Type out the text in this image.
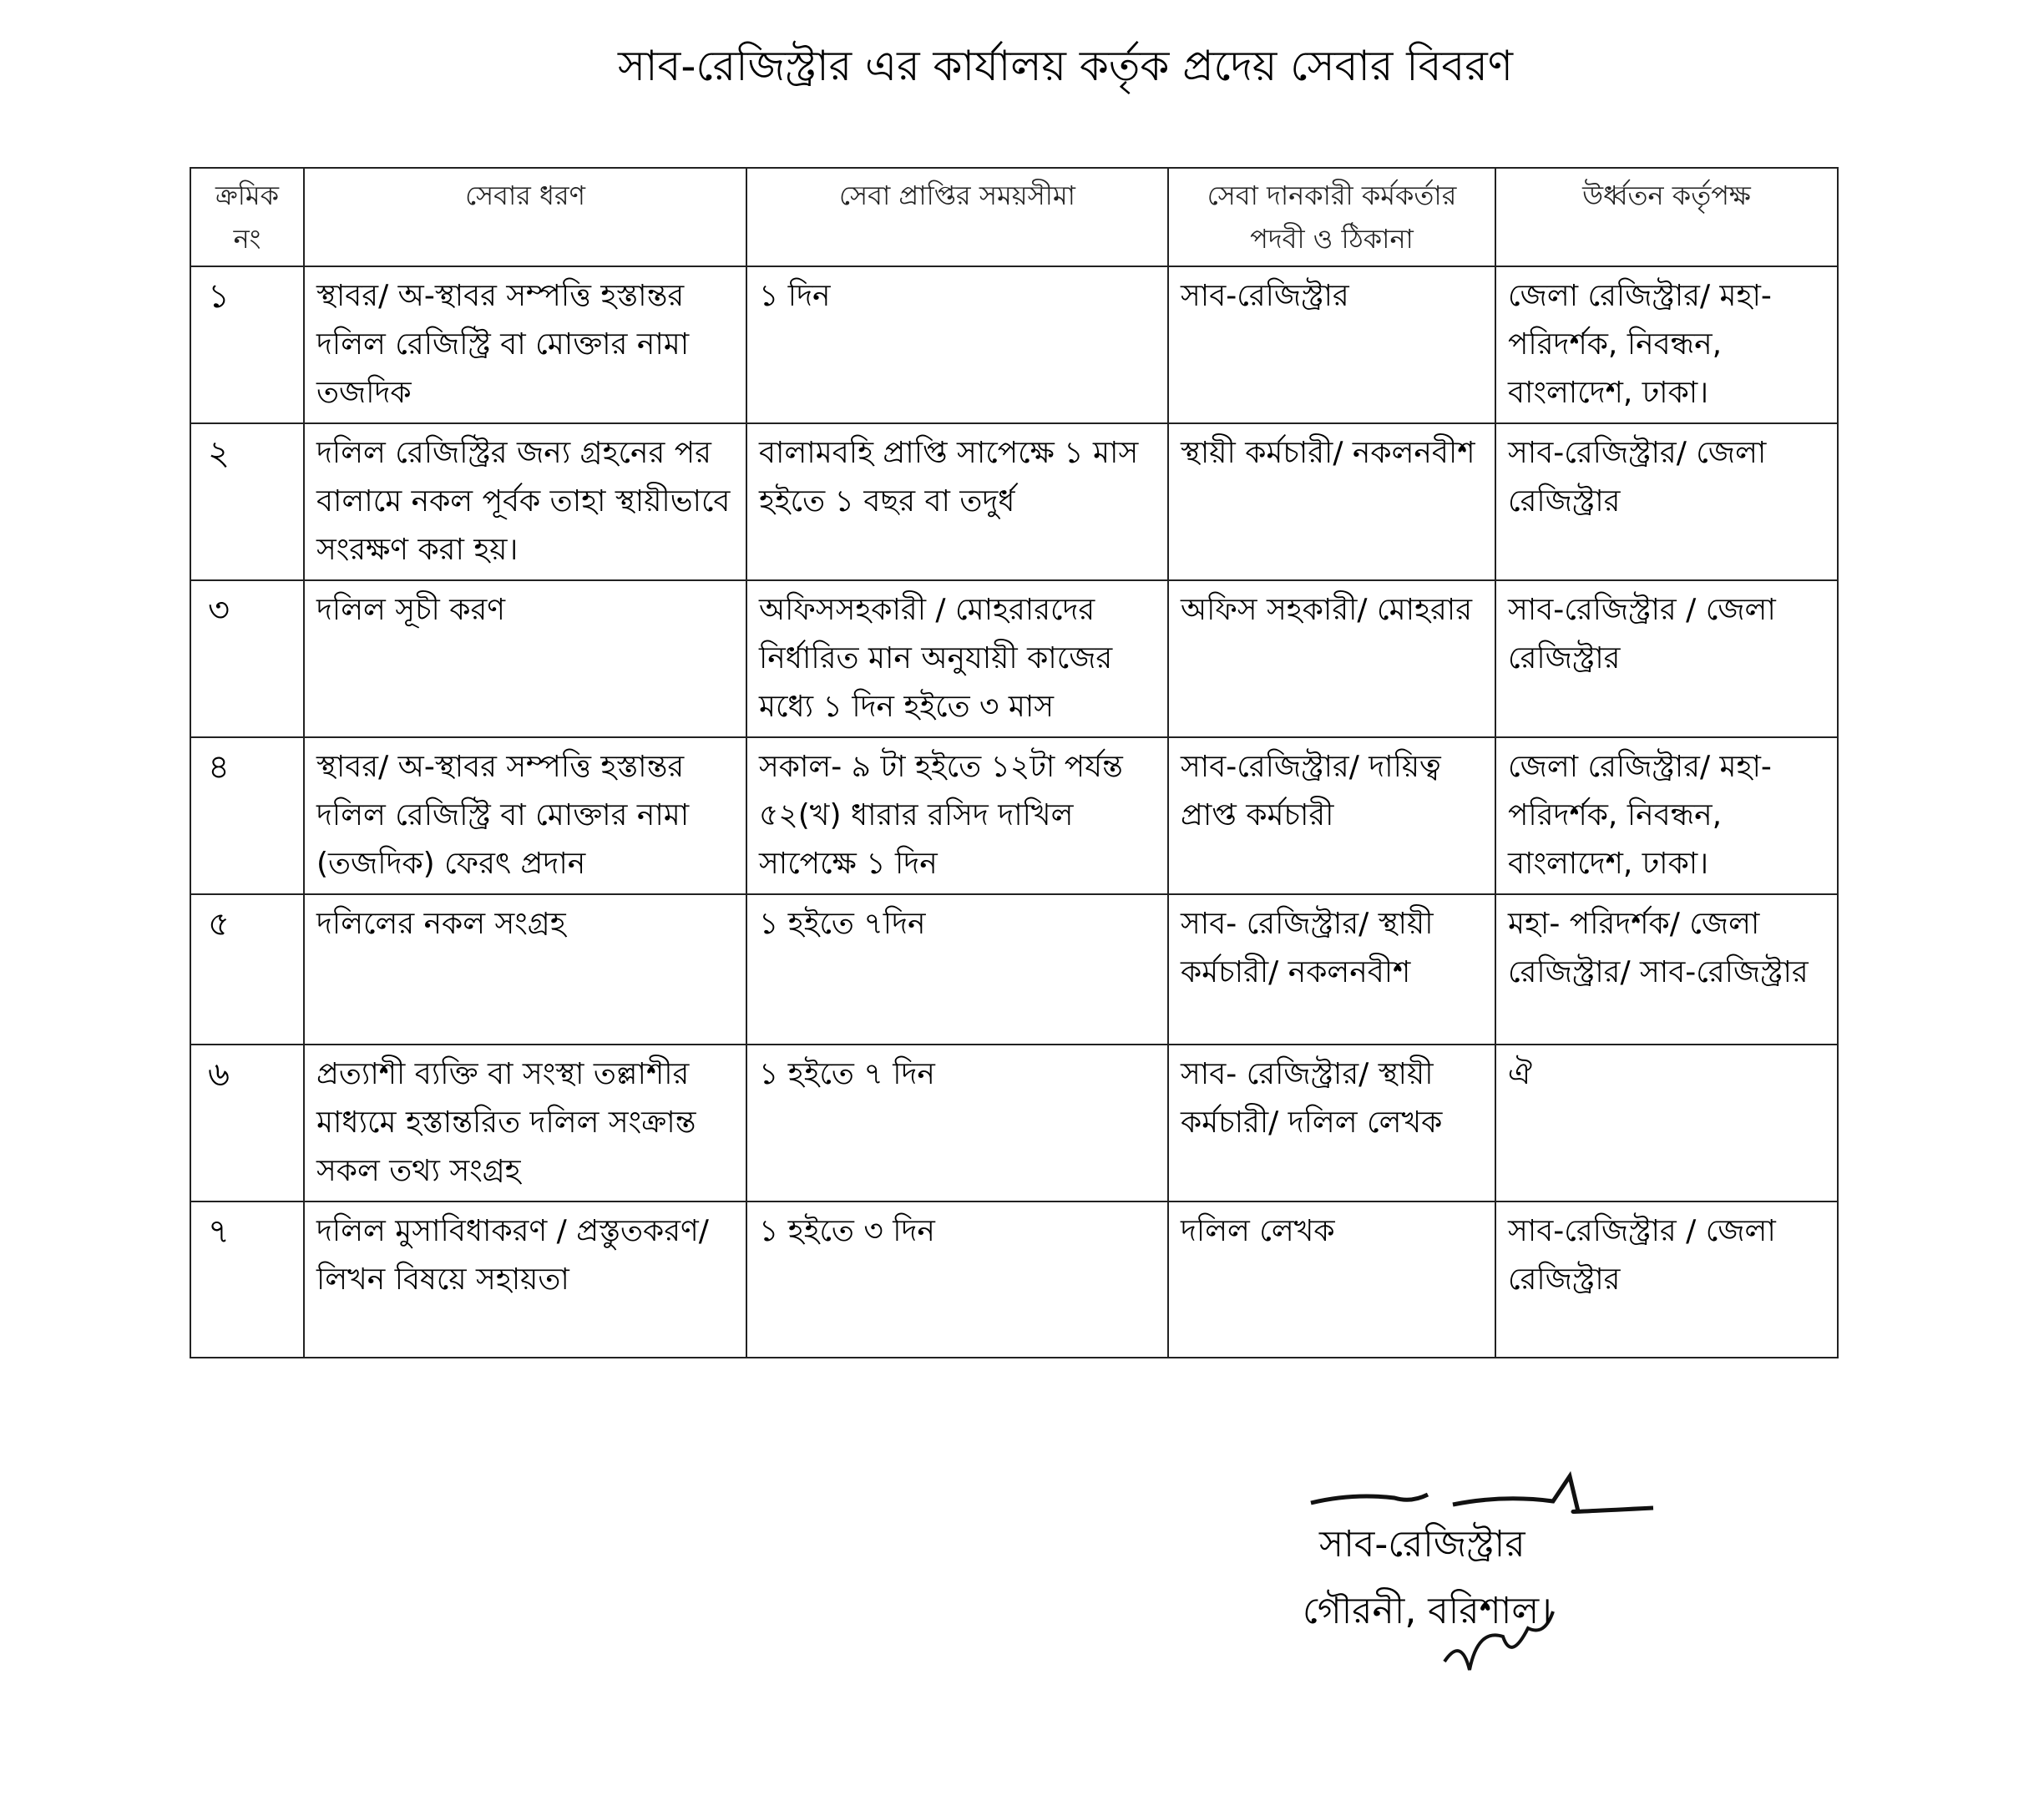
সাব-রেজিস্ট্রার এর কার্যালয় কর্তৃক প্রদেয় সেবার বিবরণ
ক্রমিক নং	সেবার ধরণ	সেবা প্রাপ্তির সময়সীমা	সেবা দানকারী কর্মকর্তার পদবী ও ঠিকানা	উর্ধ্বতন কর্তৃপক্ষ
১	স্থাবর/ অ-স্থাবর সম্পত্তি হস্তান্তর দলিল রেজিস্ট্রি বা মোক্তার নামা তজদিক	১ দিন	সাব-রেজিস্ট্রার	জেলা রেজিস্ট্রার/ মহা-পরিদর্শক, নিবন্ধন, বাংলাদেশ, ঢাকা।
২	দলিল রেজিস্ট্রির জন্য গ্রহনের পর বালামে নকল পূর্বক তাহা স্থায়ীভাবে সংরক্ষণ করা হয়।	বালামবহি প্রাপ্তি সাপেক্ষে ১ মাস হইতে ১ বছর বা তদুর্ধ	স্থায়ী কর্মচারী/ নকলনবীশ	সাব-রেজিস্ট্রার/ জেলা রেজিস্ট্রার
৩	দলিল সূচী করণ	অফিসসহকারী / মোহরারদের নির্ধারিত মান অনুযায়ী কাজের মধ্যে ১ দিন হইতে ৩ মাস	অফিস সহকারী/ মোহরার	সাব-রেজিস্ট্রার / জেলা রেজিস্ট্রার
৪	স্থাবর/ অ-স্থাবর সম্পত্তি হস্তান্তর দলিল রেজিস্ট্রি বা মোক্তার নামা (তজদিক) ফেরৎ প্রদান	সকাল- ৯ টা হইতে ১২টা পর্যন্ত ৫২(খ) ধারার রসিদ দাখিল সাপেক্ষে ১ দিন	সাব-রেজিস্ট্রার/ দায়িত্ব প্রাপ্ত কর্মচারী	জেলা রেজিস্ট্রার/ মহা-পরিদর্শক, নিবন্ধন, বাংলাদেশ, ঢাকা।
৫	দলিলের নকল সংগ্রহ	১ হইতে ৭দিন	সাব- রেজিস্ট্রার/ স্থায়ী কর্মচারী/ নকলনবীশ	মহা- পরিদর্শক/ জেলা রেজিস্ট্রার/ সাব-রেজিস্ট্রার
৬	প্রত্যাশী ব্যক্তি বা সংস্থা তল্লাশীর মাধ্যমে হস্তান্তরিত দলিল সংক্রান্ত সকল তথ্য সংগ্রহ	১ হইতে ৭ দিন	সাব- রেজিস্ট্রার/ স্থায়ী কর্মচারী/ দলিল লেখক	ঐ
৭	দলিল মুসাবিধাকরণ / প্রস্তুতকরণ/ লিখন বিষয়ে সহায়তা	১ হইতে ৩ দিন	দলিল লেখক	সাব-রেজিস্ট্রার / জেলা রেজিস্ট্রার
সাব-রেজিস্ট্রার
গৌরনী, বরিশাল।
